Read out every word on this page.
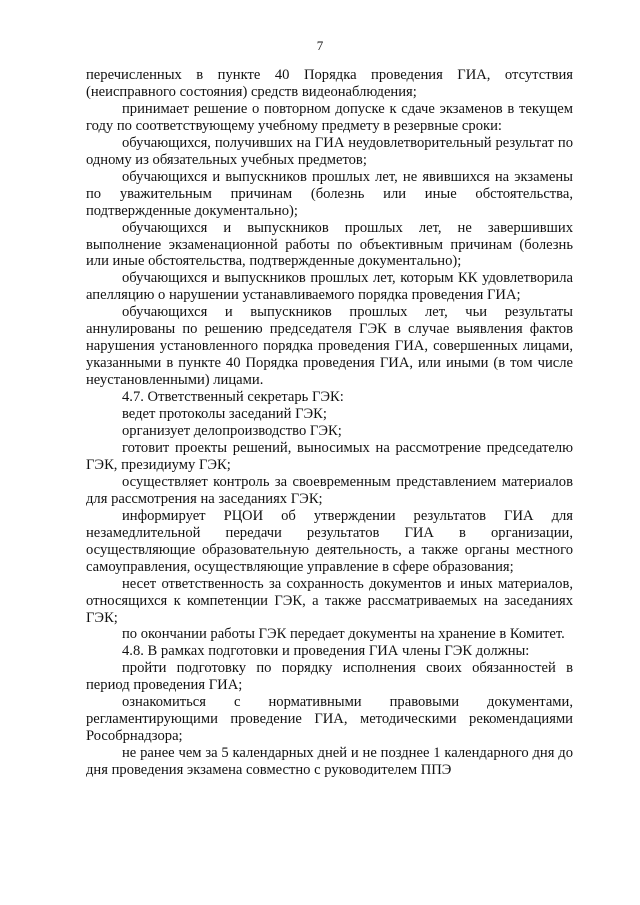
7

перечисленных в пункте 40 Порядка проведения ГИА, отсутствия (неисправного состояния) средств видеонаблюдения;

принимает решение о повторном допуске к сдаче экзаменов в текущем году по соответствующему учебному предмету в резервные сроки:

обучающихся, получивших на ГИА неудовлетворительный результат по одному из обязательных учебных предметов;

обучающихся и выпускников прошлых лет, не явившихся на экзамены по уважительным причинам (болезнь или иные обстоятельства, подтвержденные документально);

обучающихся и выпускников прошлых лет, не завершивших выполнение экзаменационной работы по объективным причинам (болезнь или иные обстоятельства, подтвержденные документально);

обучающихся и выпускников прошлых лет, которым КК удовлетворила апелляцию о нарушении устанавливаемого порядка проведения ГИА;

обучающихся и выпускников прошлых лет, чьи результаты аннулированы по решению председателя ГЭК в случае выявления фактов нарушения установленного порядка проведения ГИА, совершенных лицами, указанными в пункте 40 Порядка проведения ГИА, или иными (в том числе неустановленными) лицами.

4.7. Ответственный секретарь ГЭК:

ведет протоколы заседаний ГЭК;

организует делопроизводство ГЭК;

готовит проекты решений, выносимых на рассмотрение председателю ГЭК, президиуму ГЭК;

осуществляет контроль за своевременным представлением материалов для рассмотрения на заседаниях ГЭК;

информирует РЦОИ об утверждении результатов ГИА для незамедлительной передачи результатов ГИА в организации, осуществляющие образовательную деятельность, а также органы местного самоуправления, осуществляющие управление в сфере образования;

несет ответственность за сохранность документов и иных материалов, относящихся к компетенции ГЭК, а также рассматриваемых на заседаниях ГЭК;

по окончании работы ГЭК передает документы на хранение в Комитет.

4.8. В рамках подготовки и проведения ГИА члены ГЭК должны:

пройти подготовку по порядку исполнения своих обязанностей в период проведения ГИА;

ознакомиться с нормативными правовыми документами, регламентирующими проведение ГИА, методическими рекомендациями Рособрнадзора;

не ранее чем за 5 календарных дней и не позднее 1 календарного дня до дня проведения экзамена совместно с руководителем ППЭ
